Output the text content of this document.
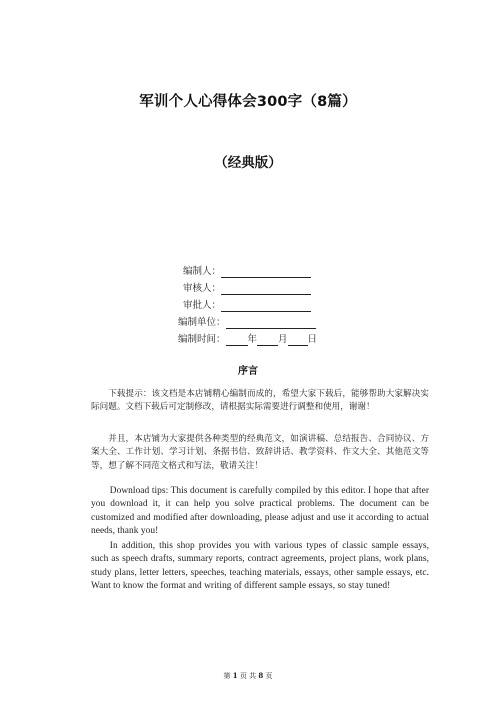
军训个人心得体会300字（8篇）
（经典版）
编制人：
审核人：
审批人：
编制单位：
编制时间： 年 月 日
序言

下载提示：该文档是本店铺精心编制而成的，希望大家下载后，能够帮助大家解决实际问题。文档下载后可定制修改，请根据实际需要进行调整和使用，谢谢！

并且，本店铺为大家提供各种类型的经典范文，如演讲稿、总结报告、合同协议、方案大全、工作计划、学习计划、条据书信、致辞讲话、教学资料、作文大全、其他范文等等，想了解不同范文格式和写法，敬请关注！

Download tips: This document is carefully compiled by this editor. I hope that after you download it, it can help you solve practical problems. The document can be customized and modified after downloading, please adjust and use it according to actual needs, thank you!

In addition, this shop provides you with various types of classic sample essays, such as speech drafts, summary reports, contract agreements, project plans, work plans, study plans, letter letters, speeches, teaching materials, essays, other sample essays, etc. Want to know the format and writing of different sample essays, so stay tuned!

第 1 页 共 8 页
